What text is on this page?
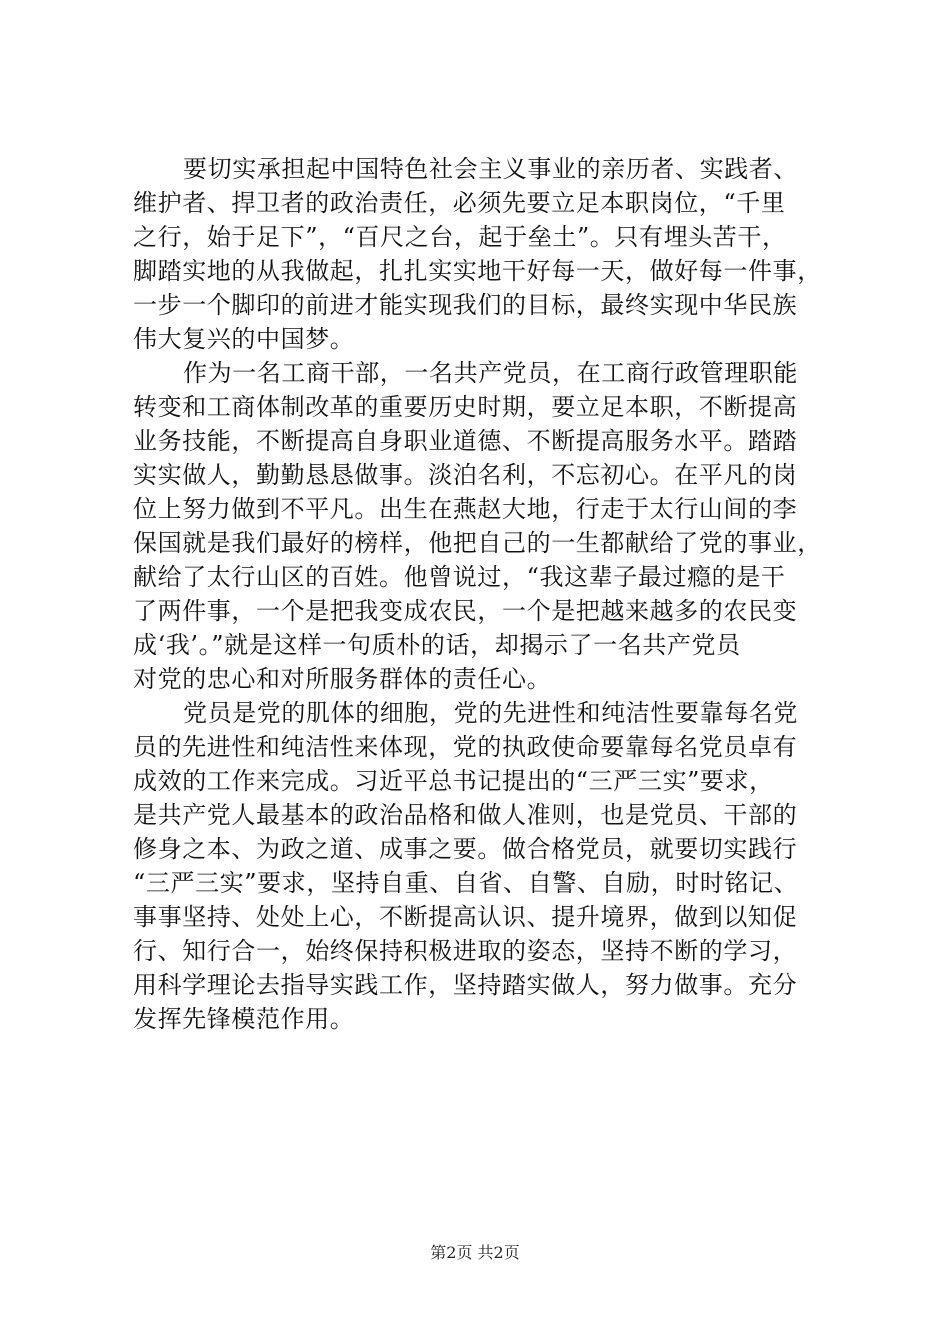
要切实承担起中国特色社会主义事业的亲历者、实践者、
维护者、捍卫者的政治责任，必须先要立足本职岗位，“千里
之行，始于足下”，“百尺之台，起于垒土”。只有埋头苦干，
脚踏实地的从我做起，扎扎实实地干好每一天，做好每一件事，
一步一个脚印的前进才能实现我们的目标，最终实现中华民族
伟大复兴的中国梦。
作为一名工商干部，一名共产党员，在工商行政管理职能
转变和工商体制改革的重要历史时期，要立足本职，不断提高
业务技能，不断提高自身职业道德、不断提高服务水平。踏踏
实实做人，勤勤恳恳做事。淡泊名利，不忘初心。在平凡的岗
位上努力做到不平凡。出生在燕赵大地，行走于太行山间的李
保国就是我们最好的榜样，他把自己的一生都献给了党的事业，
献给了太行山区的百姓。他曾说过，“我这辈子最过瘾的是干
了两件事，一个是把我变成农民，一个是把越来越多的农民变
成‘我’。”就是这样一句质朴的话，却揭示了一名共产党员
对党的忠心和对所服务群体的责任心。
党员是党的肌体的细胞，党的先进性和纯洁性要靠每名党
员的先进性和纯洁性来体现，党的执政使命要靠每名党员卓有
成效的工作来完成。习近平总书记提出的“三严三实”要求，
是共产党人最基本的政治品格和做人准则，也是党员、干部的
修身之本、为政之道、成事之要。做合格党员，就要切实践行
“三严三实”要求，坚持自重、自省、自警、自励，时时铭记、
事事坚持、处处上心，不断提高认识、提升境界，做到以知促
行、知行合一，始终保持积极进取的姿态，坚持不断的学习，
用科学理论去指导实践工作，坚持踏实做人，努力做事。充分
发挥先锋模范作用。
第2页 共2页
